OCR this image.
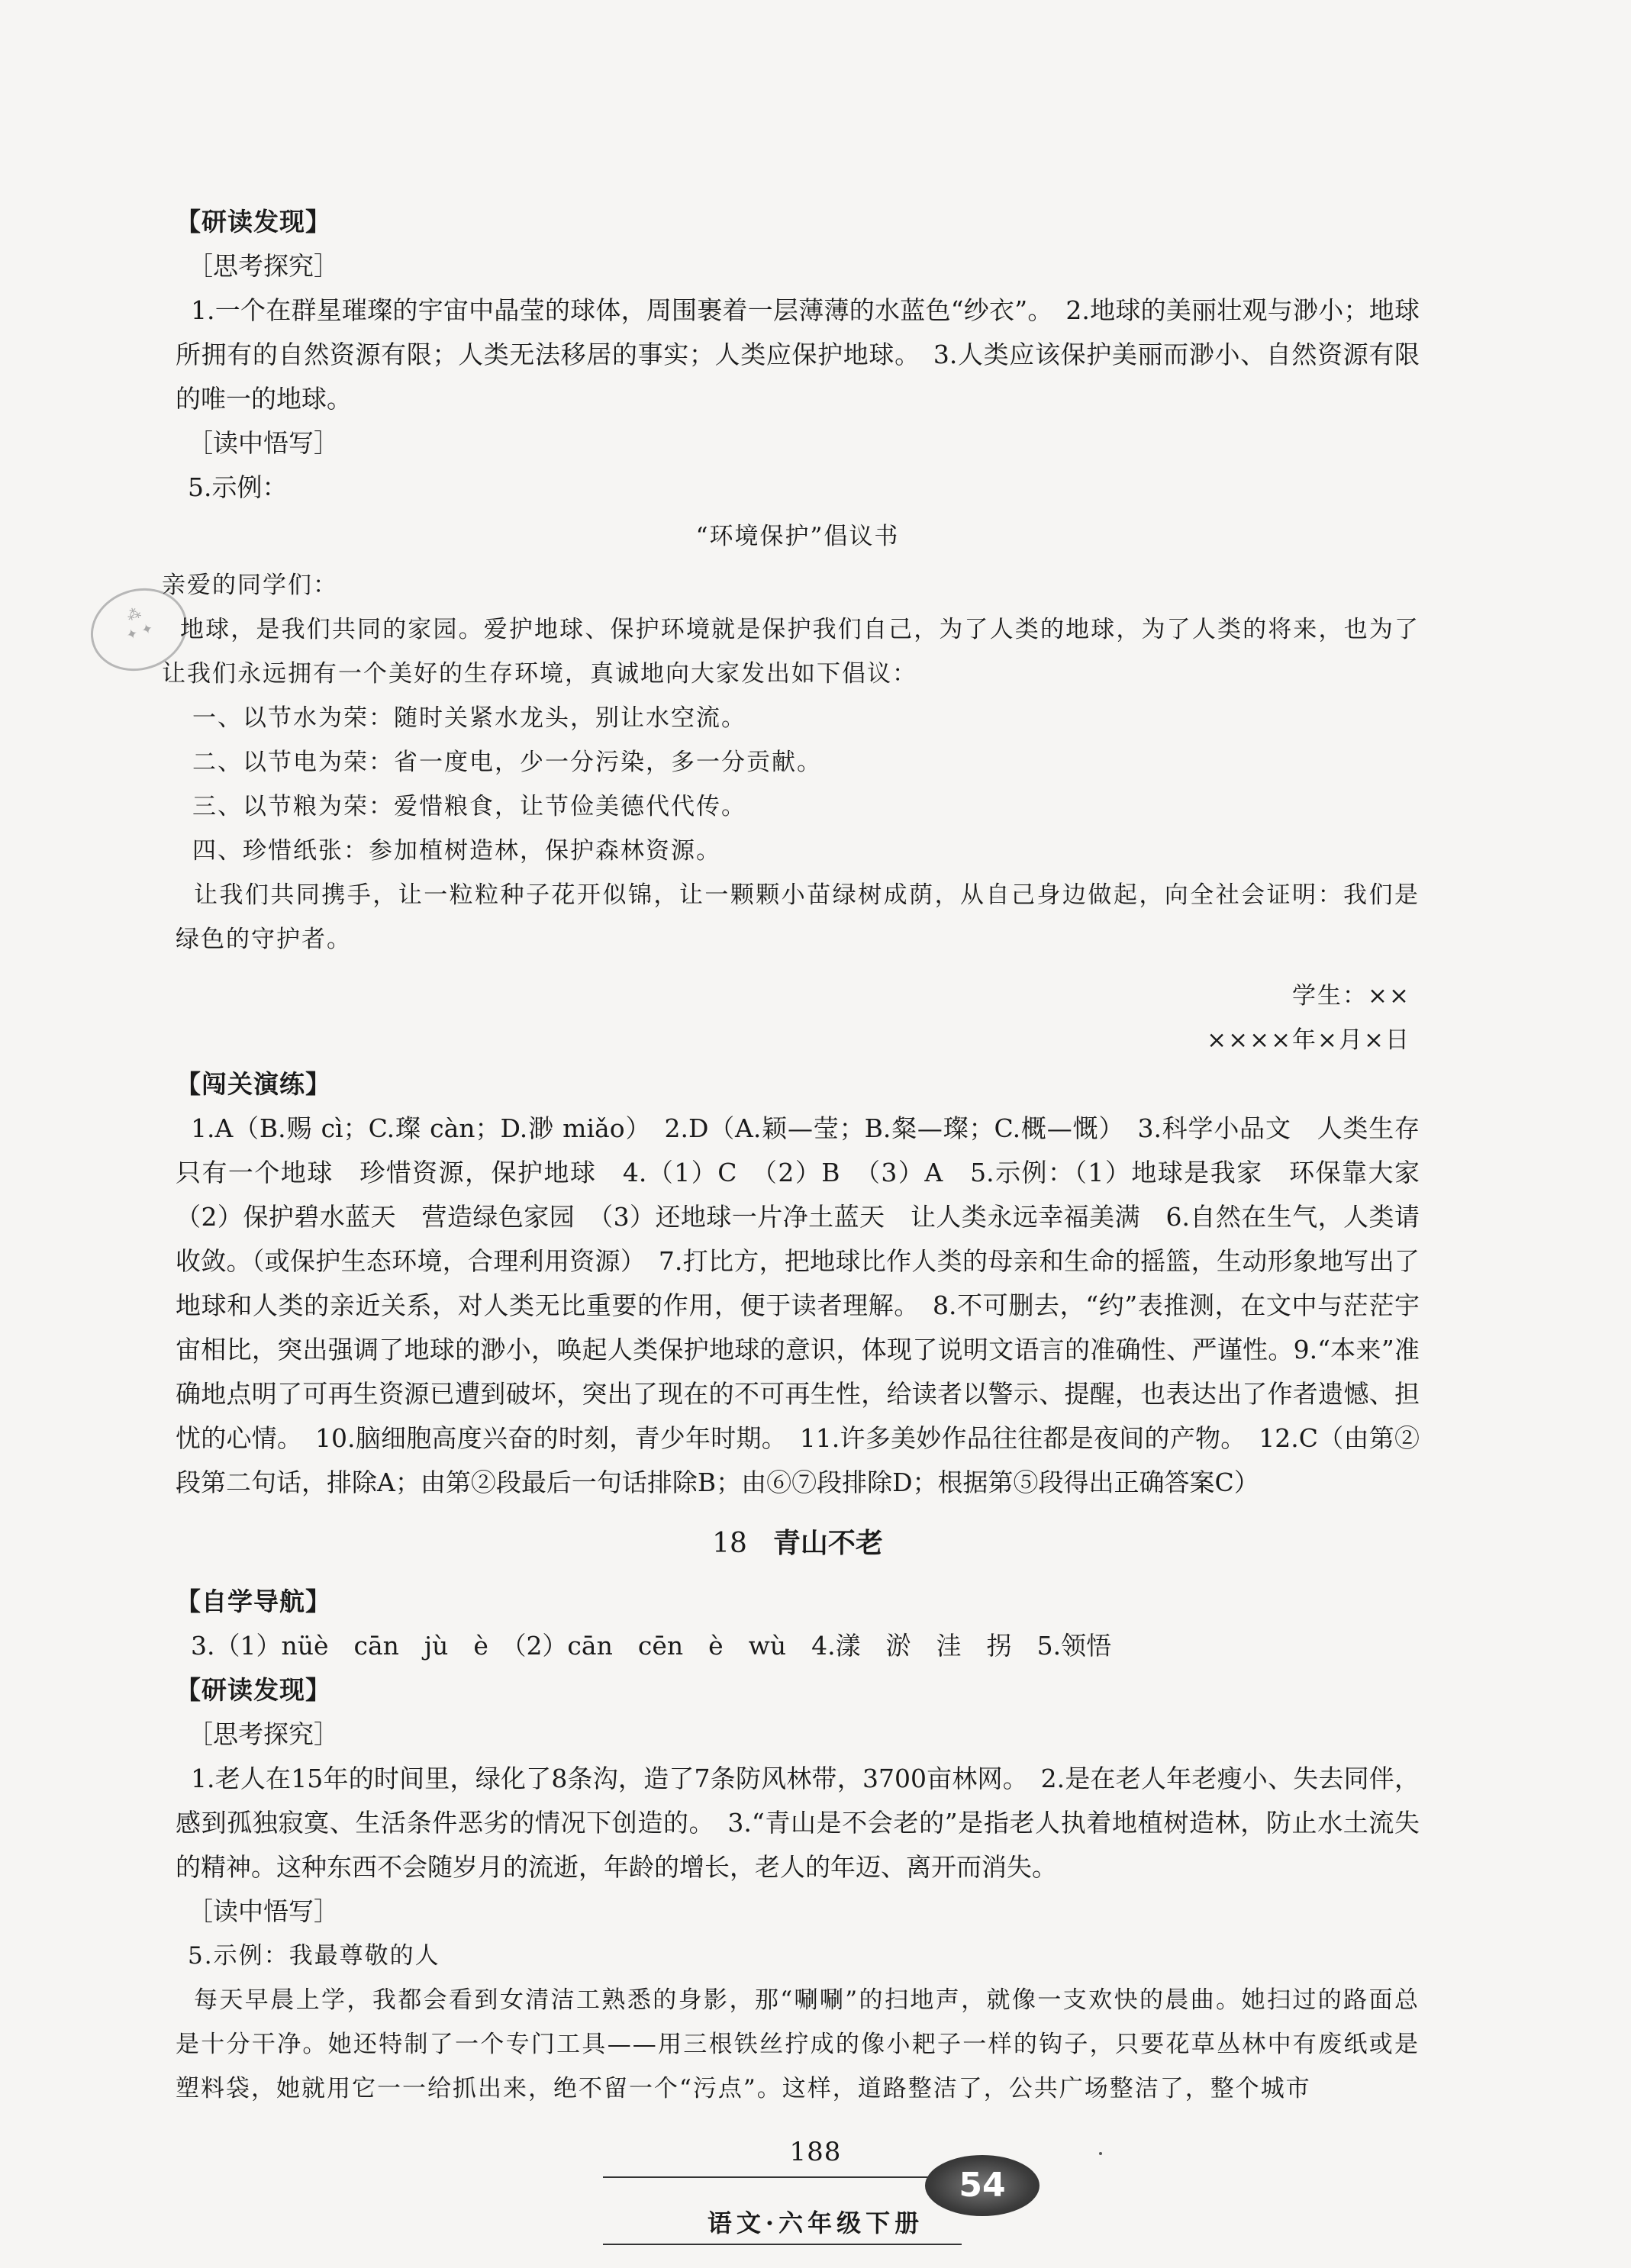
⁂
✦ ✦

【研读发现】

［思考探究］

1.一个在群星璀璨的宇宙中晶莹的球体，周围裹着一层薄薄的水蓝色“纱衣”。　2.地球的美丽壮观与渺小；地球所拥有的自然资源有限；人类无法移居的事实；人类应保护地球。　3.人类应该保护美丽而渺小、自然资源有限的唯一的地球。

［读中悟写］

5.示例：

“环境保护”倡议书

亲爱的同学们：

地球，是我们共同的家园。爱护地球、保护环境就是保护我们自己，为了人类的地球，为了人类的将来，也为了让我们永远拥有一个美好的生存环境，真诚地向大家发出如下倡议：

一、以节水为荣：随时关紧水龙头，别让水空流。

二、以节电为荣：省一度电，少一分污染，多一分贡献。

三、以节粮为荣：爱惜粮食，让节俭美德代代传。

四、珍惜纸张：参加植树造林，保护森林资源。

让我们共同携手，让一粒粒种子花开似锦，让一颗颗小苗绿树成荫，从自己身边做起，向全社会证明：我们是绿色的守护者。

学生：××

××××年×月×日

【闯关演练】

1.A（B.赐 cì；C.璨 càn；D.渺 miǎo）　2.D（A.颖—莹；B.粲—璨；C.概—慨）　3.科学小品文　人类生存只有一个地球　珍惜资源，保护地球　4.（1）C　（2）B　（3）A　5.示例：（1）地球是我家　环保靠大家　（2）保护碧水蓝天　营造绿色家园　（3）还地球一片净土蓝天　让人类永远幸福美满　6.自然在生气，人类请收敛。（或保护生态环境，合理利用资源）　7.打比方，把地球比作人类的母亲和生命的摇篮，生动形象地写出了地球和人类的亲近关系，对人类无比重要的作用，便于读者理解。　8.不可删去，“约”表推测，在文中与茫茫宇宙相比，突出强调了地球的渺小，唤起人类保护地球的意识，体现了说明文语言的准确性、严谨性。9.“本来”准确地点明了可再生资源已遭到破坏，突出了现在的不可再生性，给读者以警示、提醒，也表达出了作者遗憾、担忧的心情。　10.脑细胞高度兴奋的时刻，青少年时期。　11.许多美妙作品往往都是夜间的产物。　12.C（由第②段第二句话，排除A；由第②段最后一句话排除B；由⑥⑦段排除D；根据第⑤段得出正确答案C）

18 青山不老

【自学导航】

3.（1）nüè　cān　jù　è　（2）cān　cēn　è　wù　4.漾　淤　洼　拐　5.领悟

【研读发现】

［思考探究］

1.老人在15年的时间里，绿化了8条沟，造了7条防风林带，3700亩林网。　2.是在老人年老瘦小、失去同伴，感到孤独寂寞、生活条件恶劣的情况下创造的。　3.“青山是不会老的”是指老人执着地植树造林，防止水土流失的精神。这种东西不会随岁月的流逝，年龄的增长，老人的年迈、离开而消失。

［读中悟写］

5.示例：我最尊敬的人

每天早晨上学，我都会看到女清洁工熟悉的身影，那“唰唰”的扫地声，就像一支欢快的晨曲。她扫过的路面总是十分干净。她还特制了一个专门工具——用三根铁丝拧成的像小耙子一样的钩子，只要花草丛林中有废纸或是塑料袋，她就用它一一给抓出来，绝不留一个“污点”。这样，道路整洁了，公共广场整洁了，整个城市

188
语文·六年级下册
54
